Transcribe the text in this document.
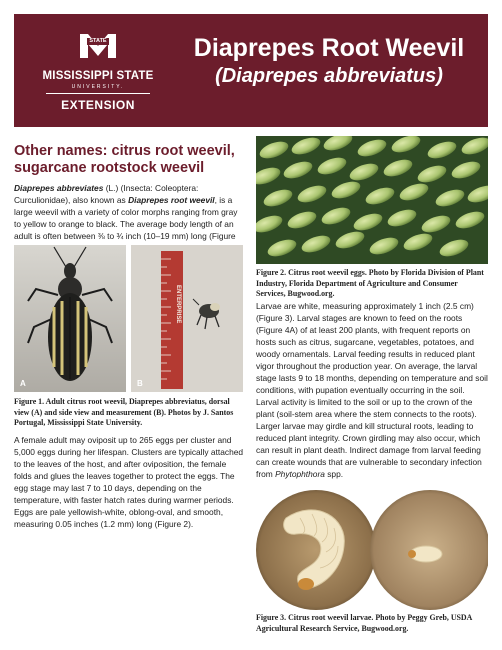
STATE
MISSISSIPPI STATE
UNIVERSITY.
EXTENSION
Diaprepes Root Weevil
(Diaprepes abbreviatus)
Other names: citrus root weevil, sugarcane rootstock weevil

Diaprepes abbreviates (L.) (Insecta: Coleoptera: Curculionidae), also known as Diaprepes root weevil, is a large weevil with a variety of color morphs ranging from gray to yellow to orange to black. The average body length of an adult is often between ⅜ to ¾ inch (10–19 mm) long (Figure

A
ENTERPRISE
B

Figure 1. Adult citrus root weevil, Diaprepes abbreviatus, dorsal view (A) and side view and measurement (B). Photos by J. Santos Portugal, Mississippi State University.

A female adult may oviposit up to 265 eggs per cluster and 5,000 eggs during her lifespan. Clusters are typically attached to the leaves of the host, and after oviposition, the female folds and glues the leaves together to protect the eggs. The egg stage may last 7 to 10 days, depending on the temperature, with faster hatch rates during warmer periods. Eggs are pale yellowish-white, oblong-oval, and smooth, measuring 0.05 inches (1.2 mm) long (Figure 2).

Figure 2. Citrus root weevil eggs. Photo by Florida Division of Plant Industry, Florida Department of Agriculture and Consumer Services, Bugwood.org.

Larvae are white, measuring approximately 1 inch (2.5 cm) (Figure 3). Larval stages are known to feed on the roots (Figure 4A) of at least 200 plants, with frequent reports on hosts such as citrus, sugarcane, vegetables, potatoes, and woody ornamentals. Larval feeding results in reduced plant vigor throughout the production year. On average, the larval stage lasts 9 to 18 months, depending on temperature and soil conditions, with pupation eventually occurring in the soil. Larval activity is limited to the soil or up to the crown of the plant (soil-stem area where the stem connects to the roots). Larger larvae may girdle and kill structural roots, leading to reduced plant integrity. Crown girdling may also occur, which can result in plant death. Indirect damage from larval feeding can create wounds that are vulnerable to secondary infection from Phytophthora spp.

Figure 3. Citrus root weevil larvae. Photo by Peggy Greb, USDA Agricultural Research Service, Bugwood.org.
